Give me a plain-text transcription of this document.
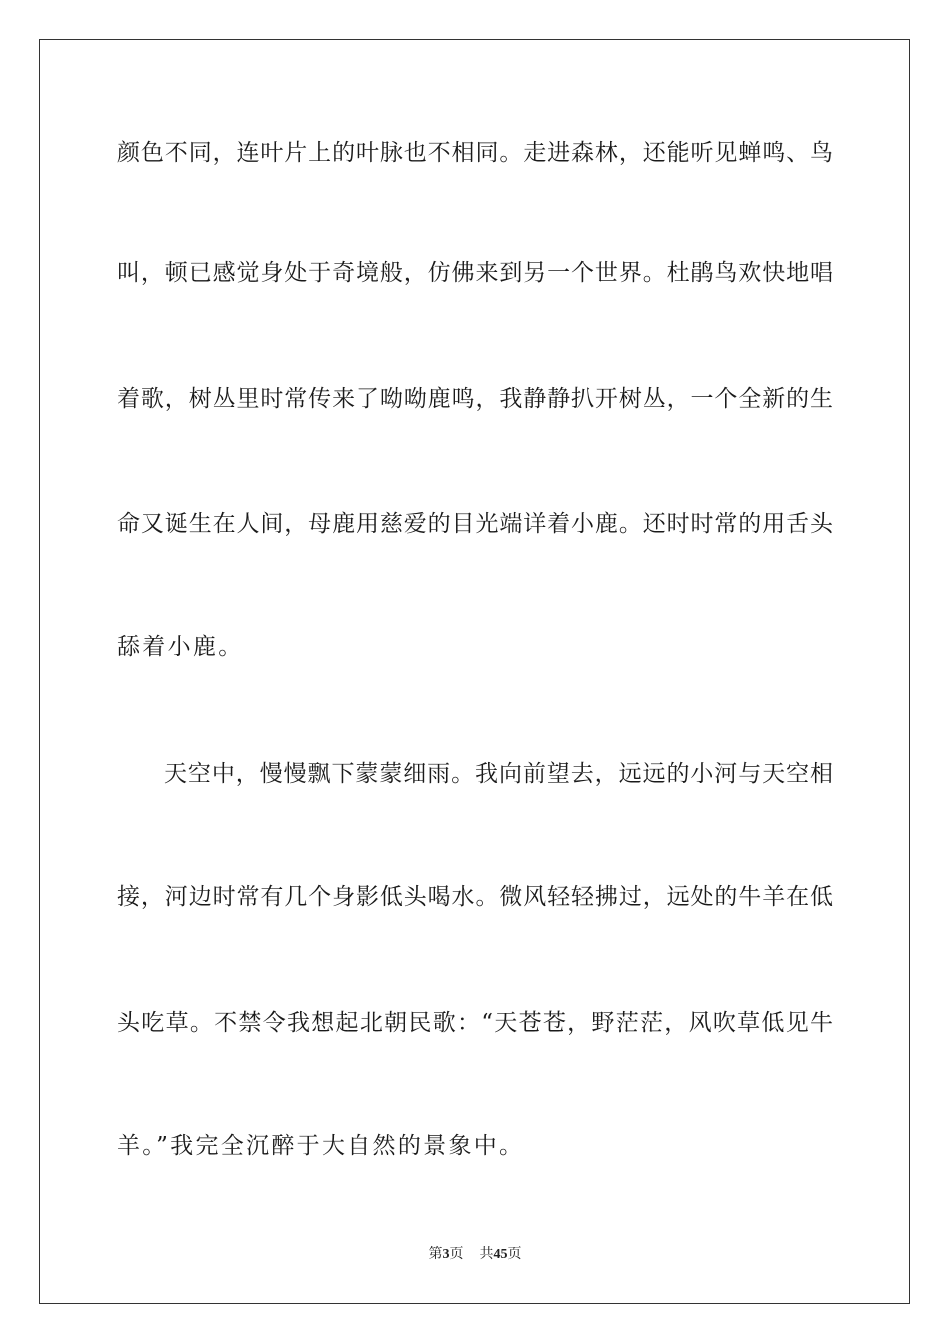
颜色不同，连叶片上的叶脉也不相同。走进森林，还能听见蝉鸣、鸟
叫，顿已感觉身处于奇境般，仿佛来到另一个世界。杜鹃鸟欢快地唱
着歌，树丛里时常传来了呦呦鹿鸣，我静静扒开树丛，一个全新的生
命又诞生在人间，母鹿用慈爱的目光端详着小鹿。还时时常的用舌头
舔着小鹿。
天空中，慢慢飘下蒙蒙细雨。我向前望去，远远的小河与天空相
接，河边时常有几个身影低头喝水。微风轻轻拂过，远处的牛羊在低
头吃草。不禁令我想起北朝民歌：“天苍苍，野茫茫，风吹草低见牛
羊。”我完全沉醉于大自然的景象中。
第3页 共45页
